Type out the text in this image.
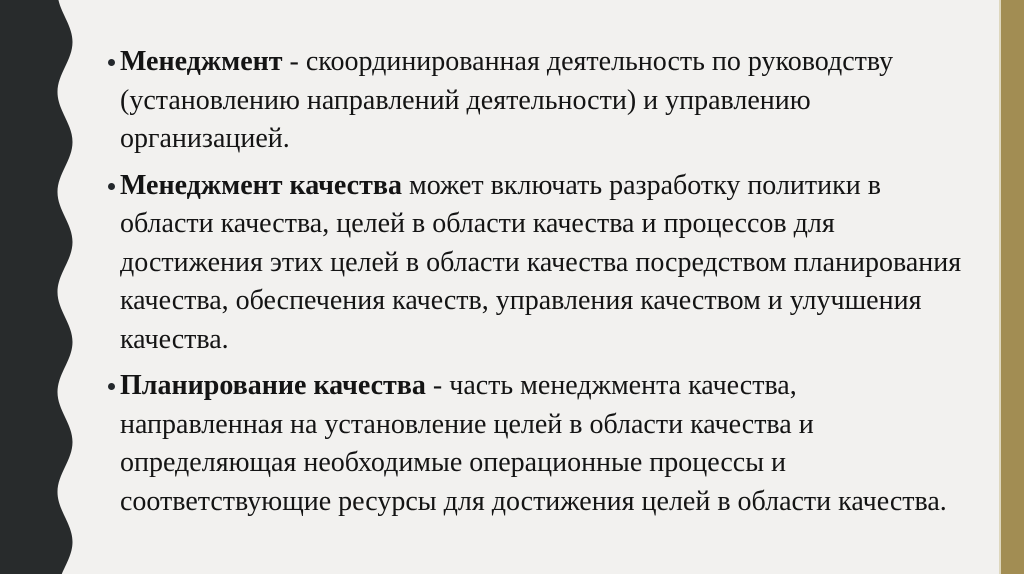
Менеджмент - скоординированная деятельность по руководству (установлению направлений деятельности) и управлению организацией.

Менеджмент качества может включать разработку политики в области качества, целей в области качества и процессов для достижения этих целей в области качества посредством планирования качества, обеспечения качеств, управления качеством и улучшения качества.

Планирование качества - часть менеджмента качества, направленная на установление целей в области качества и определяющая необходимые операционные процессы и соответствующие ресурсы для достижения целей в области качества.
